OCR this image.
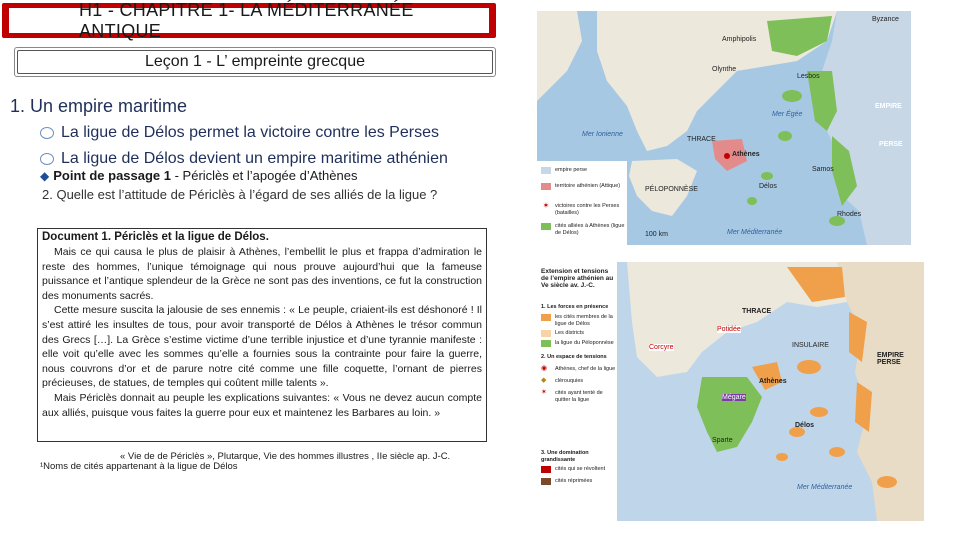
H1 - CHAPITRE 1- LA MÉDITERRANÉE ANTIQUE
Leçon 1 - L’ empreinte grecque
1. Un empire maritime
La ligue de Délos permet la victoire contre les Perses
La ligue de Délos devient un empire maritime athénien
◆ Point de passage 1 - Périclès et l’apogée d’Athènes
2. Quelle est l’attitude de Périclès à l’égard de ses alliés de la ligue ?
Document 1. Périclès et la ligue de Délos.

Mais ce qui causa le plus de plaisir à Athènes, l’embellit le plus et frappa d’admiration le reste des hommes, l’unique témoignage qui nous prouve aujourd’hui que la fameuse puissance et l’antique splendeur de la Grèce ne sont pas des inventions, ce fut la construction des monuments sacrés.

Cette mesure suscita la jalousie de ses ennemis : « Le peuple, criaient-ils est déshonoré ! Il s’est attiré les insultes de tous, pour avoir transporté de Délos à Athènes le trésor commun des Grecs […]. La Grèce s’estime victime d’une terrible injustice et d’une tyrannie manifeste : elle voit qu’elle avec les sommes qu’elle a fournies sous la contrainte pour faire la guerre, nous couvrons d’or et de parure notre cité comme une fille coquette, l’ornant de pierres précieuses, de statues, de temples qui coûtent mille talents ».

Mais Périclès donnait au peuple les explications suivantes: « Vous ne devez aucun compte aux alliés, puisque vous faites la guerre pour eux et maintenez les Barbares au loin. »

« Vie de de Périclès », Plutarque, Vie des hommes illustres , IIe siècle ap. J-C.
¹Noms de cités appartenant à la ligue de Délos
empire perse
territoire athénien (Attique)
✶	victoires contre les Perses (batailles)
cités alliées à Athènes (ligue de Délos)
Athènes
THRACE
PÉLOPONNÈSE
Mer Ionienne
Mer Égée
Mer Méditerranée
EMPIRE
PERSE
Byzance
Amphipolis
Olynthe
Lesbos
Samos
Rhodes
Délos
100 km
Extension et tensions de l’empire athénien au Ve siècle av. J.-C.
1. Les forces en présence
les cités membres de la ligue de Délos
Les districts
la ligue du Péloponnèse
2. Un espace de tensions
◉	Athènes, chef de la ligue
◆	clérouquies
✶	cités ayant tenté de quitter la ligue
3. Une domination grandissante
cités qui se révoltent
cités réprimées
THRACE
EMPIRE PERSE
INSULAIRE
Potidée
Corcyre
Athènes
Mégare
Délos
Sparte
Mer Méditerranée
